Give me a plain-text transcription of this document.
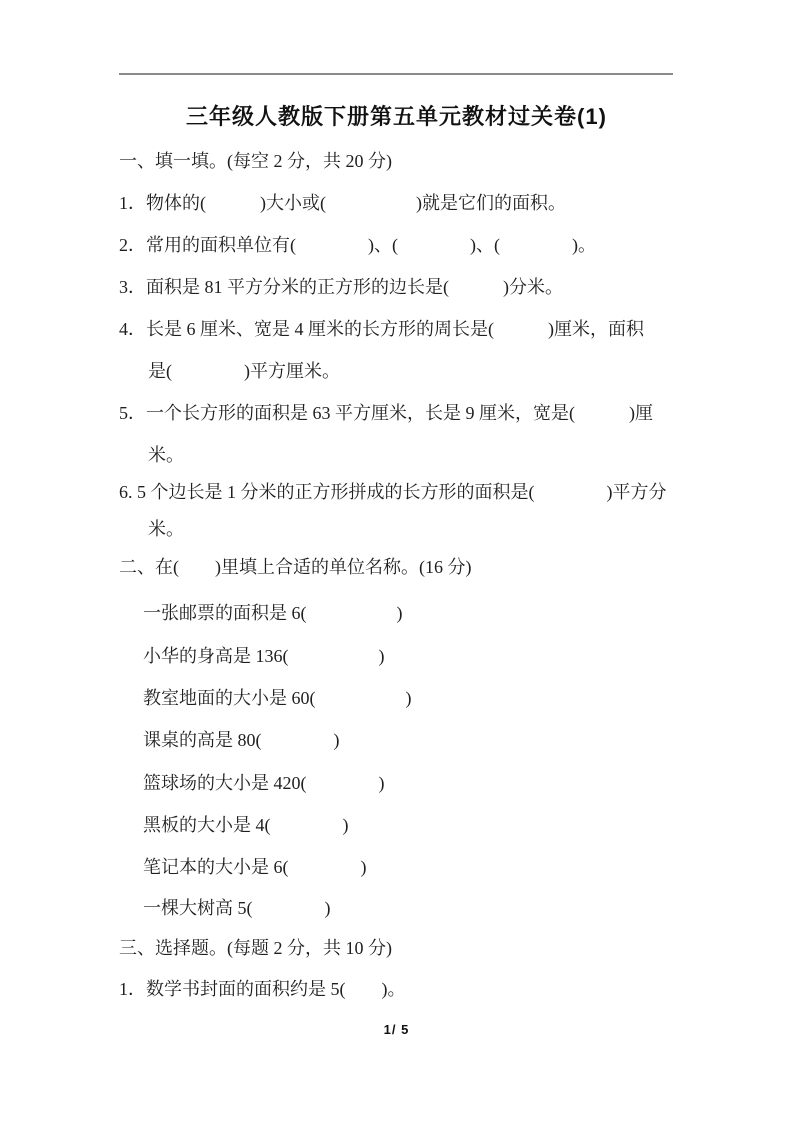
三年级人教版下册第五单元教材过关卷(1)
一、填一填。(每空 2 分，共 20 分)
1．物体的(　　　)大小或(　　　　　)就是它们的面积。
2．常用的面积单位有(　　　　)、(　　　　)、(　　　　)。
3．面积是 81 平方分米的正方形的边长是(　　　)分米。
4．长是 6 厘米、宽是 4 厘米的长方形的周长是(　　　)厘米，面积
是(　　　　)平方厘米。
5．一个长方形的面积是 63 平方厘米，长是 9 厘米，宽是(　　　)厘
米。
6. 5 个边长是 1 分米的正方形拼成的长方形的面积是(　　　　)平方分
米。
二、在(　　)里填上合适的单位名称。(16 分)
一张邮票的面积是 6(　　　　　)
小华的身高是 136(　　　　　)
教室地面的大小是 60(　　　　　)
课桌的高是 80(　　　　)
篮球场的大小是 420(　　　　)
黑板的大小是 4(　　　　)
笔记本的大小是 6(　　　　)
一棵大树高 5(　　　　)
三、选择题。(每题 2 分，共 10 分)
1．数学书封面的面积约是 5(　　)。
1/ 5
